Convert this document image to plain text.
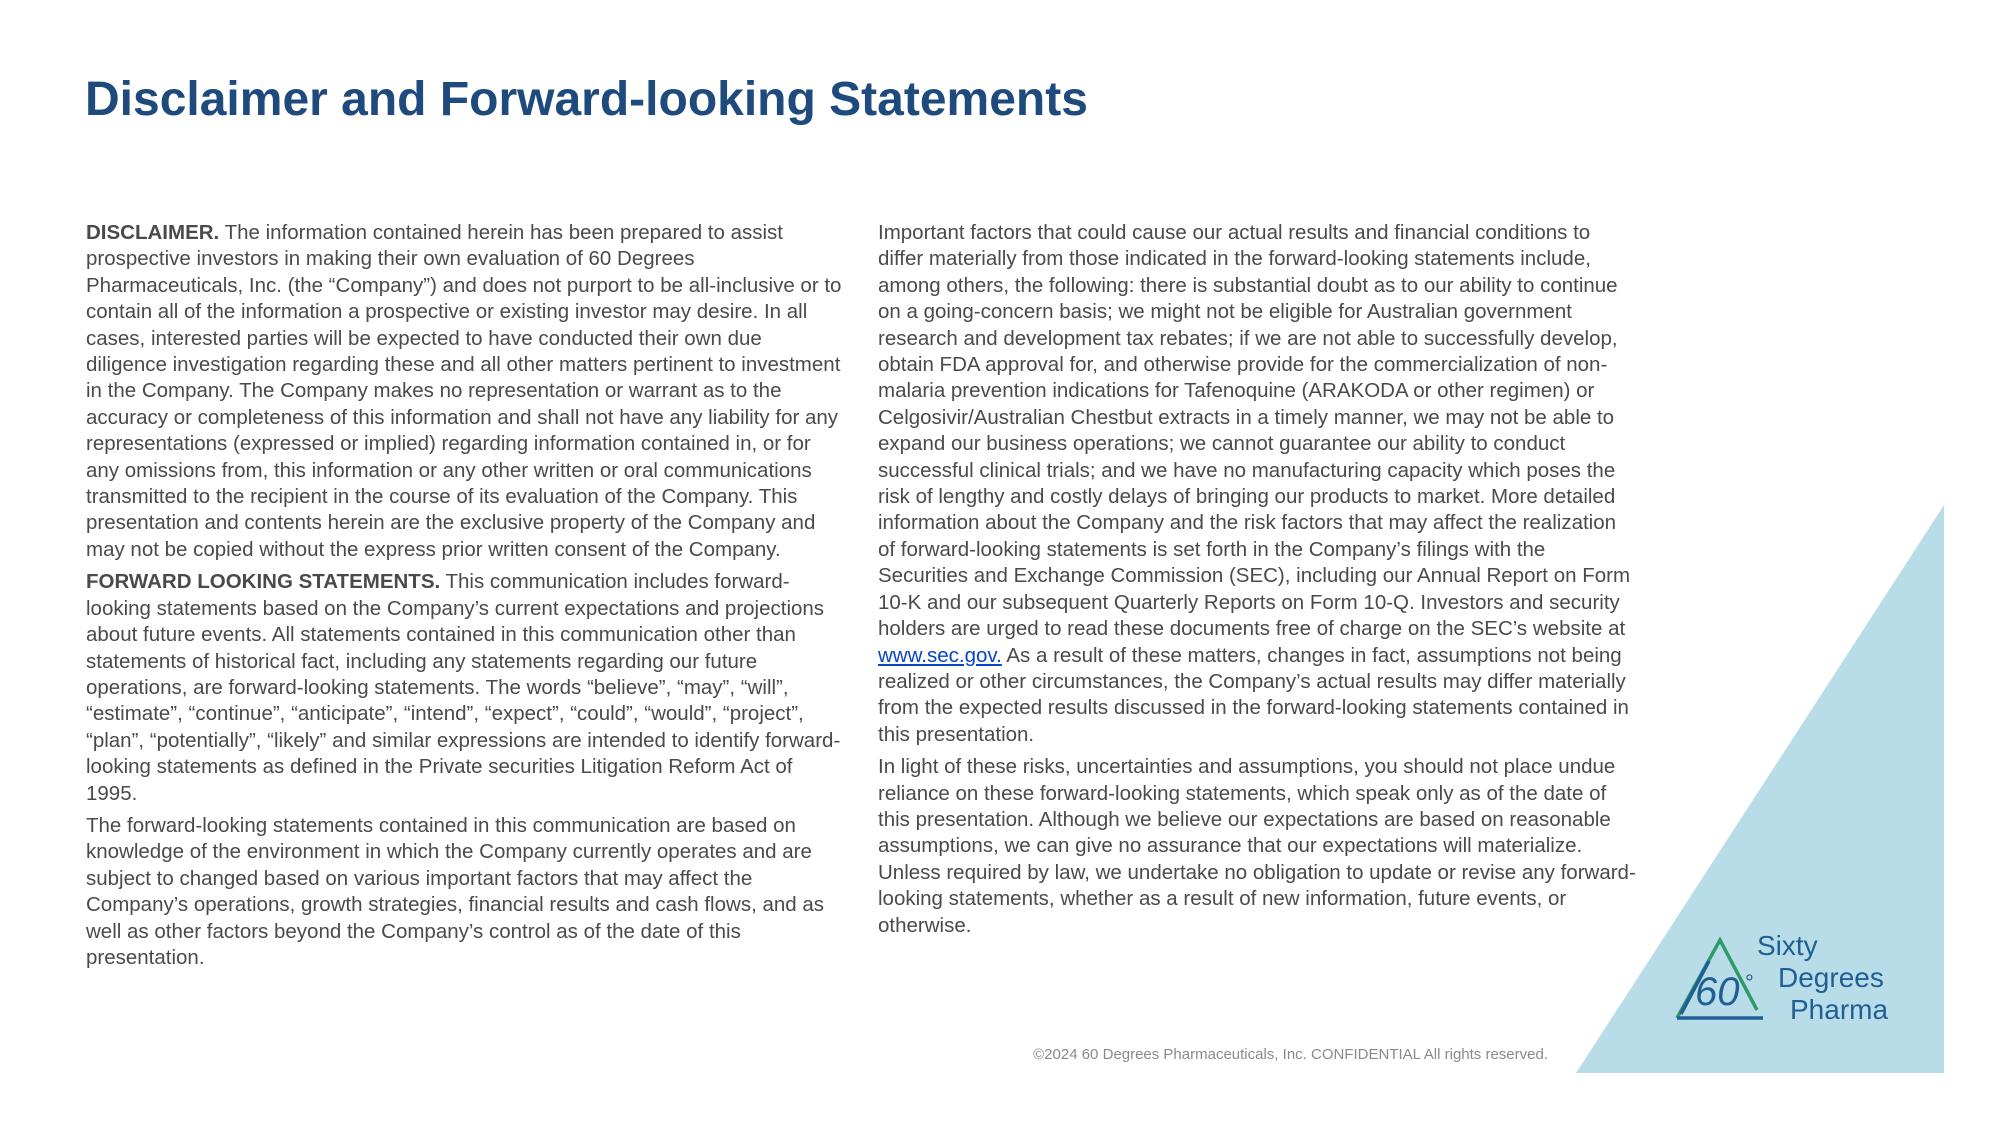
Disclaimer and Forward-looking Statements

DISCLAIMER. The information contained herein has been prepared to assist prospective investors in making their own evaluation of 60 Degrees Pharmaceuticals, Inc. (the “Company”) and does not purport to be all-inclusive or to contain all of the information a prospective or existing investor may desire. In all cases, interested parties will be expected to have conducted their own due diligence investigation regarding these and all other matters pertinent to investment in the Company. The Company makes no representation or warrant as to the accuracy or completeness of this information and shall not have any liability for any representations (expressed or implied) regarding information contained in, or for any omissions from, this information or any other written or oral communications transmitted to the recipient in the course of its evaluation of the Company. This presentation and contents herein are the exclusive property of the Company and may not be copied without the express prior written consent of the Company.

FORWARD LOOKING STATEMENTS. This communication includes forward-looking statements based on the Company’s current expectations and projections about future events. All statements contained in this communication other than statements of historical fact, including any statements regarding our future operations, are forward-looking statements. The words “believe”, “may”, “will”, “estimate”, “continue”, “anticipate”, “intend”, “expect”, “could”, “would”, “project”, “plan”, “potentially”, “likely” and similar expressions are intended to identify forward-looking statements as defined in the Private securities Litigation Reform Act of 1995.

The forward-looking statements contained in this communication are based on knowledge of the environment in which the Company currently operates and are subject to changed based on various important factors that may affect the Company’s operations, growth strategies, financial results and cash flows, and as well as other factors beyond the Company’s control as of the date of this presentation.

Important factors that could cause our actual results and financial conditions to differ materially from those indicated in the forward-looking statements include, among others, the following: there is substantial doubt as to our ability to continue on a going-concern basis; we might not be eligible for Australian government research and development tax rebates; if we are not able to successfully develop, obtain FDA approval for, and otherwise provide for the commercialization of non-malaria prevention indications for Tafenoquine (ARAKODA or other regimen) or Celgosivir/Australian Chestbut extracts in a timely manner, we may not be able to expand our business operations; we cannot guarantee our ability to conduct successful clinical trials; and we have no manufacturing capacity which poses the risk of lengthy and costly delays of bringing our products to market. More detailed information about the Company and the risk factors that may affect the realization of forward-looking statements is set forth in the Company’s filings with the Securities and Exchange Commission (SEC), including our Annual Report on Form 10-K and our subsequent Quarterly Reports on Form 10-Q. Investors and security holders are urged to read these documents free of charge on the SEC’s website at www.sec.gov. As a result of these matters, changes in fact, assumptions not being realized or other circumstances, the Company’s actual results may differ materially from the expected results discussed in the forward-looking statements contained in this presentation.

In light of these risks, uncertainties and assumptions, you should not place undue reliance on these forward-looking statements, which speak only as of the date of this presentation. Although we believe our expectations are based on reasonable assumptions, we can give no assurance that our expectations will materialize. Unless required by law, we undertake no obligation to update or revise any forward-looking statements, whether as a result of new information, future events, or otherwise.

©2024 60 Degrees Pharmaceuticals, Inc. CONFIDENTIAL All rights reserved.
60 °
Sixty
Degrees
Pharma
